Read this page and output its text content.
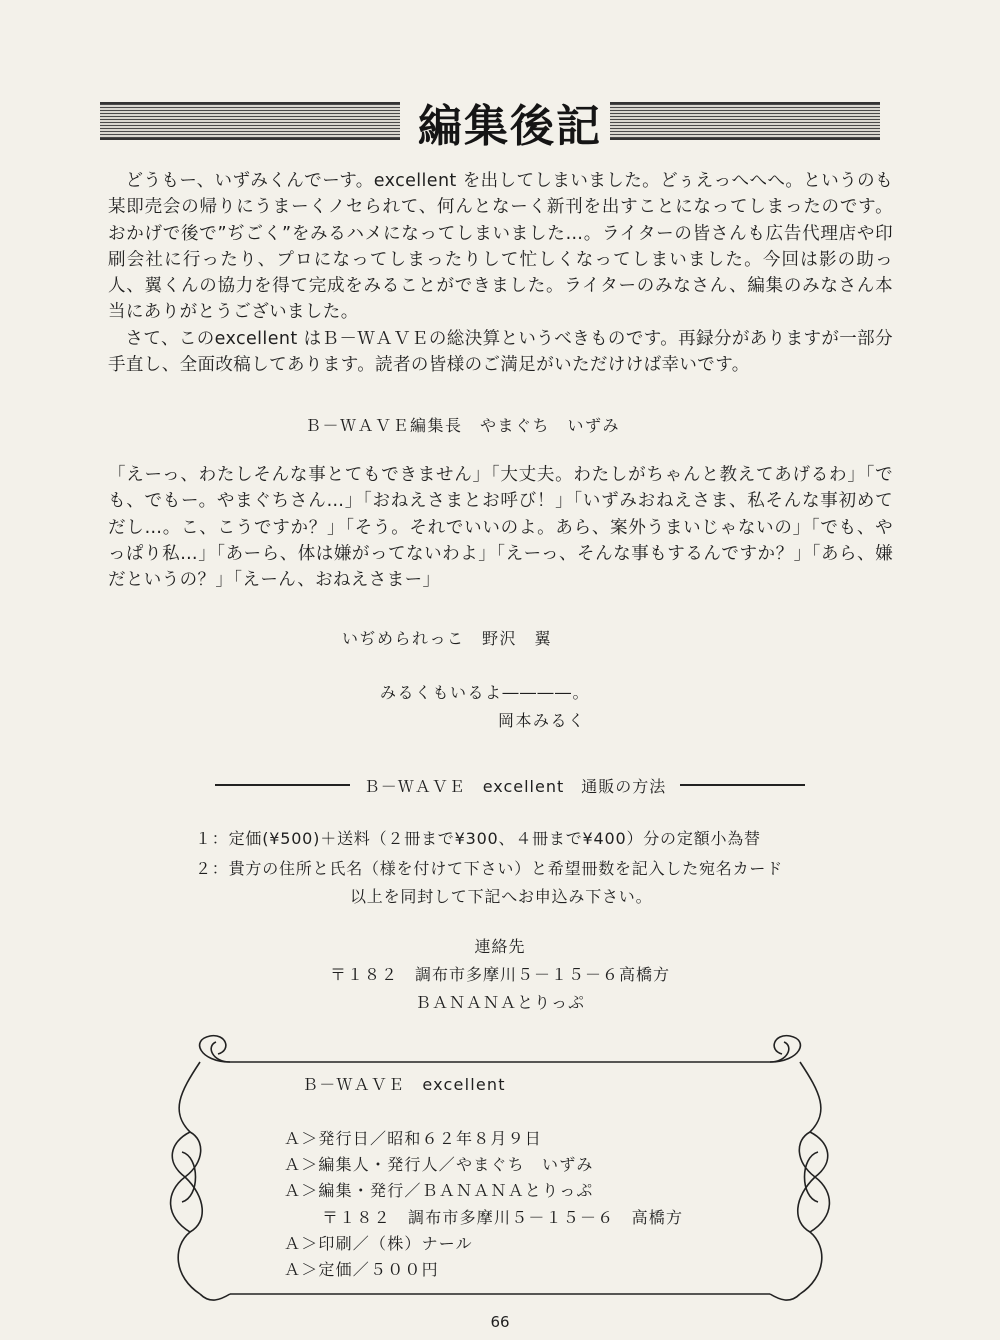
編集後記
どうもー、いずみくんでーす。excellent を出してしまいました。どぅえっへへへ。というのも某即売会の帰りにうまーくノセられて、何んとなーく新刊を出すことになってしまったのです。おかげで後で”ぢごく”をみるハメになってしまいました…。ライターの皆さんも広告代理店や印刷会社に行ったり、プロになってしまったりして忙しくなってしまいました。今回は影の助っ人、翼くんの協力を得て完成をみることができました。ライターのみなさん、編集のみなさん本当にありがとうございました。
さて、このexcellent はＢ－ＷＡＶＥの総決算というべきものです。再録分がありますが一部分手直し、全面改稿してあります。読者の皆様のご満足がいただけけば幸いです。
Ｂ－ＷＡＶＥ編集長　やまぐち　いずみ
「えーっ、わたしそんな事とてもできません」「大丈夫。わたしがちゃんと教えてあげるわ」「でも、でもー。やまぐちさん…」「おねえさまとお呼び！」「いずみおねえさま、私そんな事初めてだし…。こ、こうですか？」「そう。それでいいのよ。あら、案外うまいじゃないの」「でも、やっぱり私…」「あーら、体は嫌がってないわよ」「えーっ、そんな事もするんですか？」「あら、嫌だというの？」「えーん、おねえさまー」
いぢめられっこ　野沢　翼
みるくもいるよ――――。
岡本みるく
Ｂ－ＷＡＶＥ　excellent　通販の方法
１：定価(¥500)＋送料（２冊まで¥300、４冊まで¥400）分の定額小為替
２：貴方の住所と氏名（様を付けて下さい）と希望冊数を記入した宛名カード
以上を同封して下記へお申込み下さい。
連絡先
〒１８２　調布市多摩川５－１５－６高橋方
ＢＡＮＡＮＡとりっぷ
Ｂ－ＷＡＶＥ　excellent
Ａ＞発行日／昭和６２年８月９日
Ａ＞編集人・発行人／やまぐち　いずみ
Ａ＞編集・発行／ＢＡＮＡＮＡとりっぷ
〒１８２　調布市多摩川５－１５－６　高橋方
Ａ＞印刷／（株）ナール
Ａ＞定価／５００円
66
